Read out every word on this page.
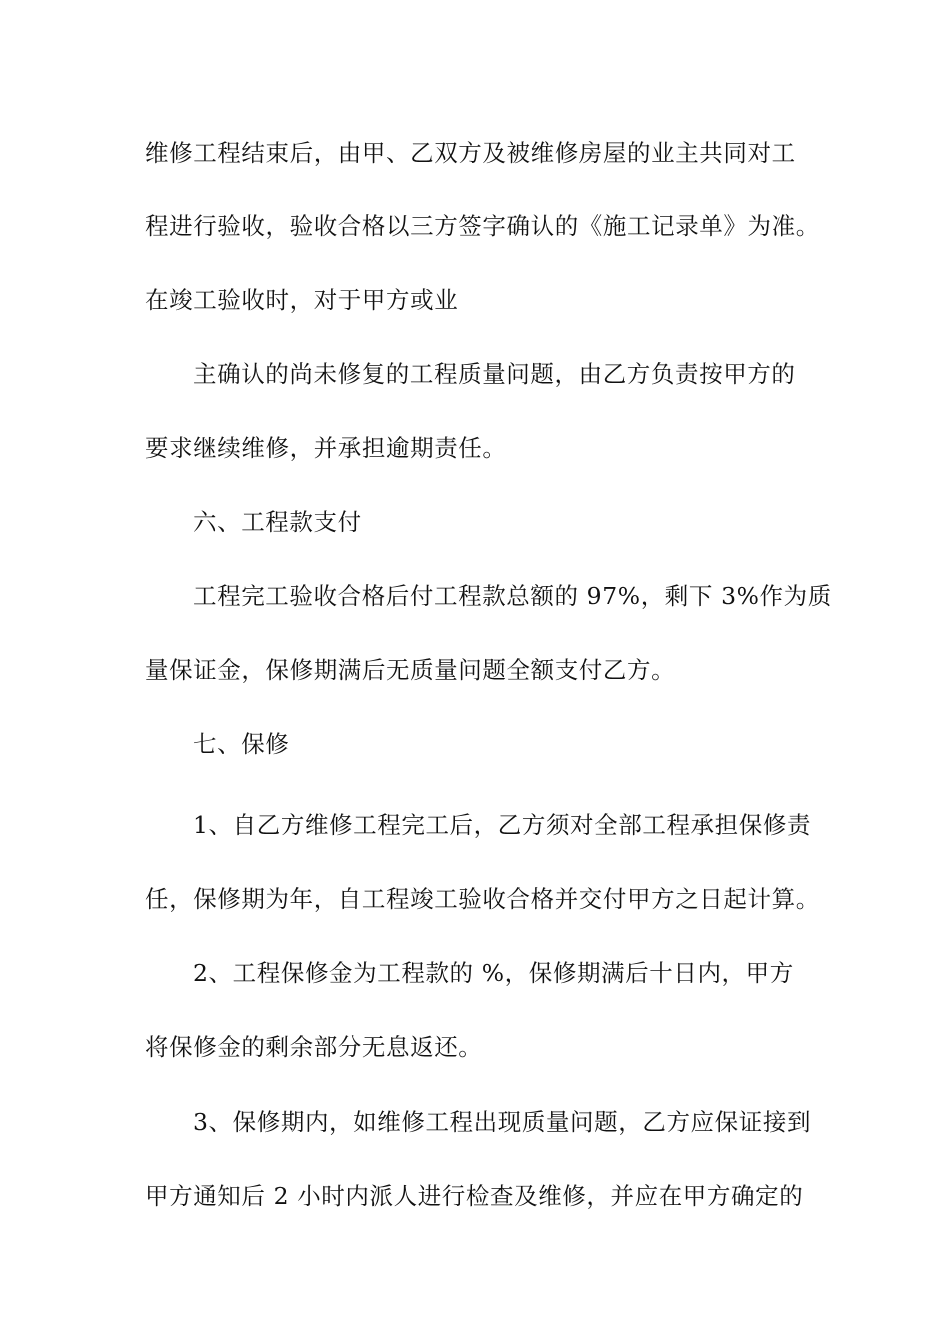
维修工程结束后，由甲、乙双方及被维修房屋的业主共同对工
程进行验收，验收合格以三方签字确认的《施工记录单》为准。
在竣工验收时，对于甲方或业
主确认的尚未修复的工程质量问题，由乙方负责按甲方的
要求继续维修，并承担逾期责任。
六、工程款支付
工程完工验收合格后付工程款总额的 97%，剩下 3%作为质
量保证金，保修期满后无质量问题全额支付乙方。
七、保修
1、自乙方维修工程完工后，乙方须对全部工程承担保修责
任，保修期为年，自工程竣工验收合格并交付甲方之日起计算。
2、工程保修金为工程款的 %，保修期满后十日内，甲方
将保修金的剩余部分无息返还。
3、保修期内，如维修工程出现质量问题，乙方应保证接到
甲方通知后 2 小时内派人进行检查及维修，并应在甲方确定的
